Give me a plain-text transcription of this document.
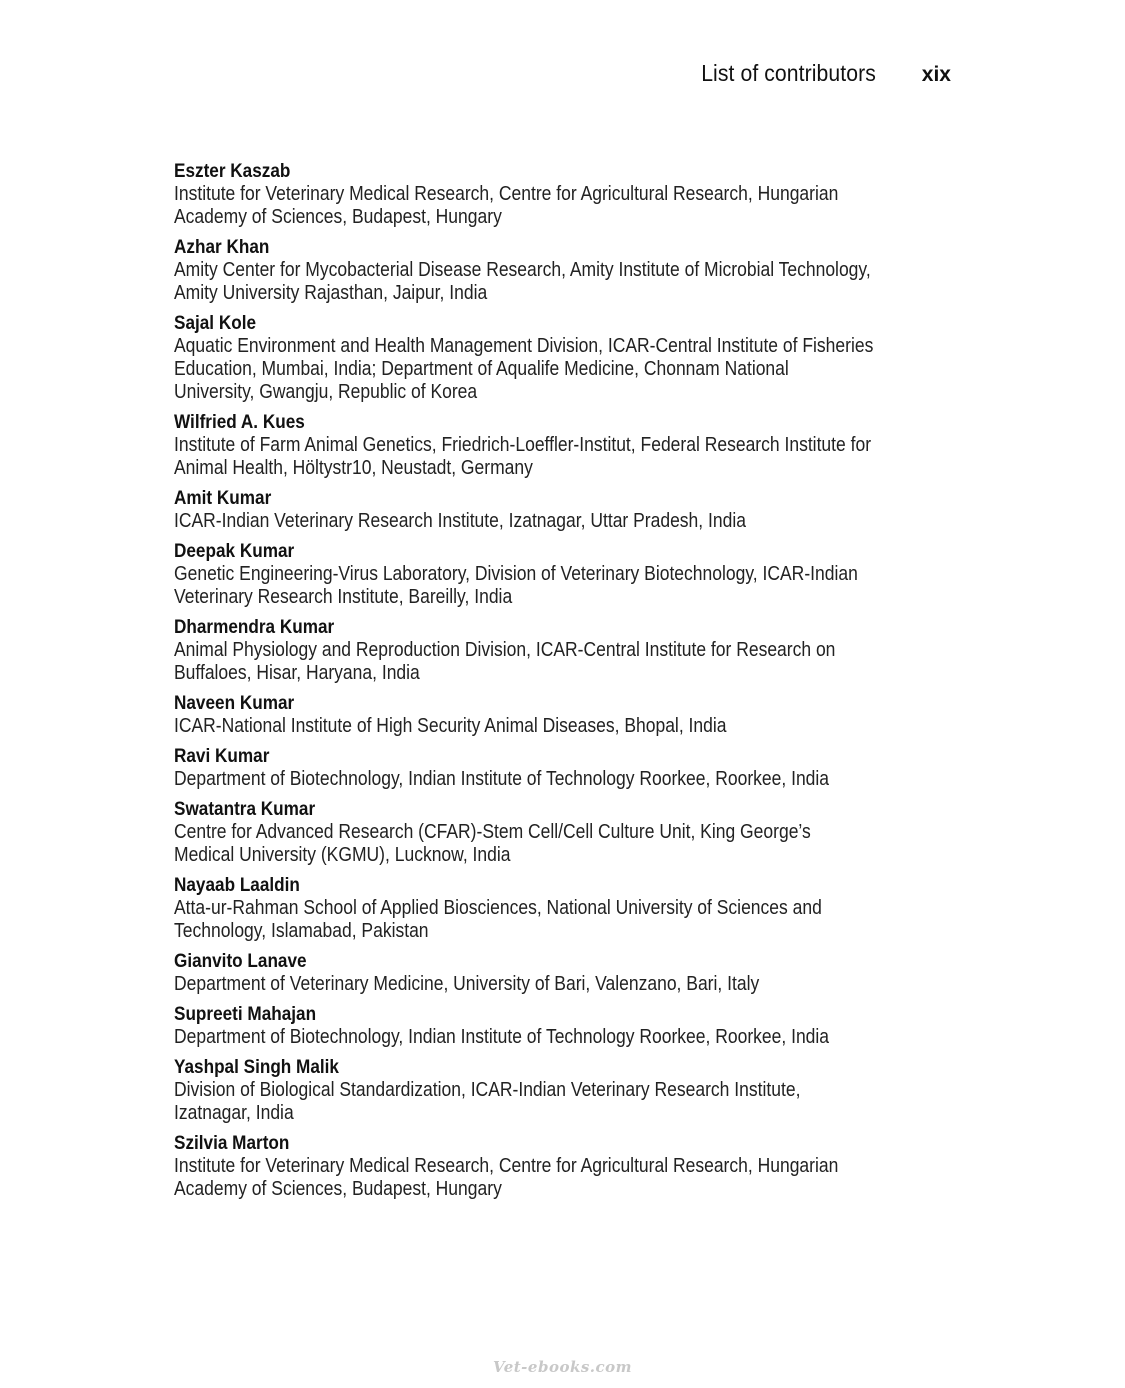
List of contributors xix
Eszter Kaszab
Institute for Veterinary Medical Research, Centre for Agricultural Research, Hungarian Academy of Sciences, Budapest, Hungary
Azhar Khan
Amity Center for Mycobacterial Disease Research, Amity Institute of Microbial Technology, Amity University Rajasthan, Jaipur, India
Sajal Kole
Aquatic Environment and Health Management Division, ICAR-Central Institute of Fisheries Education, Mumbai, India; Department of Aqualife Medicine, Chonnam National University, Gwangju, Republic of Korea
Wilfried A. Kues
Institute of Farm Animal Genetics, Friedrich-Loeffler-Institut, Federal Research Institute for Animal Health, Höltystr10, Neustadt, Germany
Amit Kumar
ICAR-Indian Veterinary Research Institute, Izatnagar, Uttar Pradesh, India
Deepak Kumar
Genetic Engineering-Virus Laboratory, Division of Veterinary Biotechnology, ICAR-Indian Veterinary Research Institute, Bareilly, India
Dharmendra Kumar
Animal Physiology and Reproduction Division, ICAR-Central Institute for Research on Buffaloes, Hisar, Haryana, India
Naveen Kumar
ICAR-National Institute of High Security Animal Diseases, Bhopal, India
Ravi Kumar
Department of Biotechnology, Indian Institute of Technology Roorkee, Roorkee, India
Swatantra Kumar
Centre for Advanced Research (CFAR)-Stem Cell/Cell Culture Unit, King George’s Medical University (KGMU), Lucknow, India
Nayaab Laaldin
Atta-ur-Rahman School of Applied Biosciences, National University of Sciences and Technology, Islamabad, Pakistan
Gianvito Lanave
Department of Veterinary Medicine, University of Bari, Valenzano, Bari, Italy
Supreeti Mahajan
Department of Biotechnology, Indian Institute of Technology Roorkee, Roorkee, India
Yashpal Singh Malik
Division of Biological Standardization, ICAR-Indian Veterinary Research Institute, Izatnagar, India
Szilvia Marton
Institute for Veterinary Medical Research, Centre for Agricultural Research, Hungarian Academy of Sciences, Budapest, Hungary
Vet-ebooks.com
